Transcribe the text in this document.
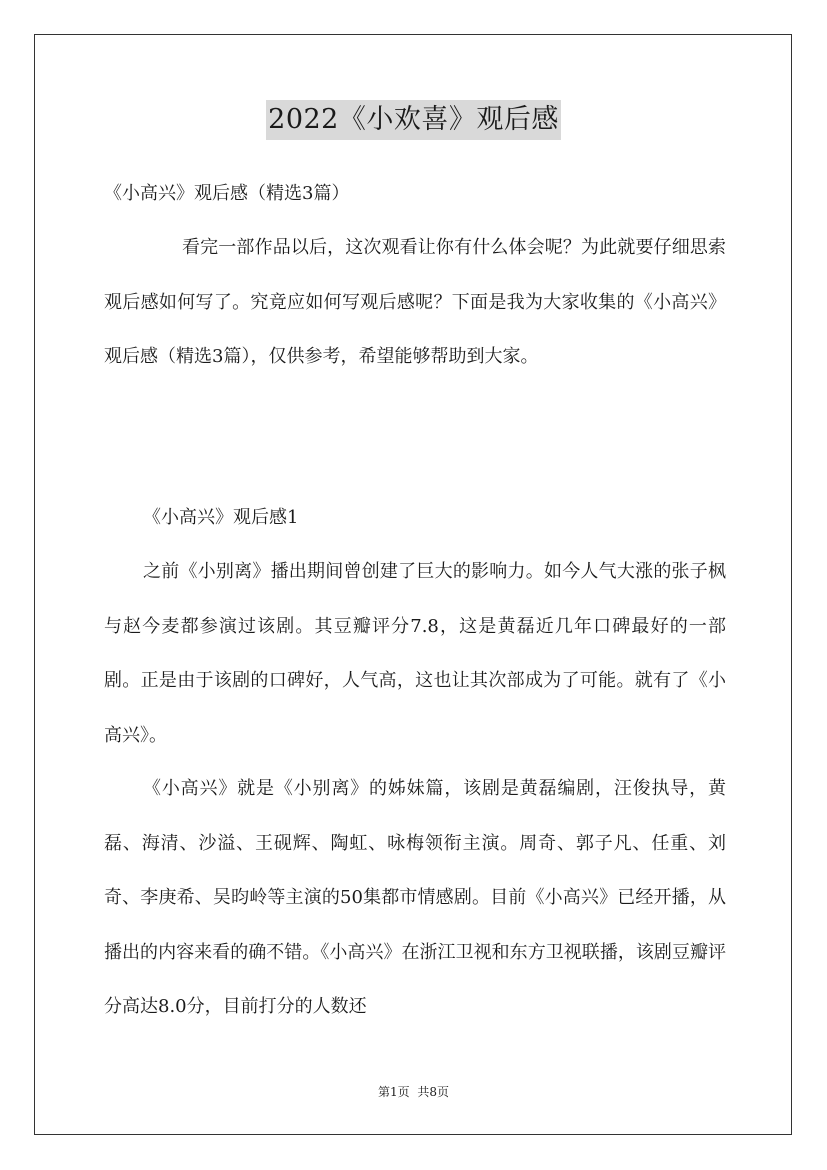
2022《小欢喜》观后感

《小高兴》观后感（精选3篇）

看完一部作品以后，这次观看让你有什么体会呢？为此就要仔细思索观后感如何写了。究竟应如何写观后感呢？下面是我为大家收集的《小高兴》观后感（精选3篇），仅供参考，希望能够帮助到大家。

《小高兴》观后感1

之前《小别离》播出期间曾创建了巨大的影响力。如今人气大涨的张子枫与赵今麦都参演过该剧。其豆瓣评分7.8，这是黄磊近几年口碑最好的一部剧。正是由于该剧的口碑好，人气高，这也让其次部成为了可能。就有了《小高兴》。

《小高兴》就是《小别离》的姊妹篇，该剧是黄磊编剧，汪俊执导，黄磊、海清、沙溢、王砚辉、陶虹、咏梅领衔主演。周奇、郭子凡、任重、刘奇、李庚希、吴昀岭等主演的50集都市情感剧。目前《小高兴》已经开播，从播出的内容来看的确不错。《小高兴》在浙江卫视和东方卫视联播，该剧豆瓣评分高达8.0分，目前打分的人数还

第1页 共8页
